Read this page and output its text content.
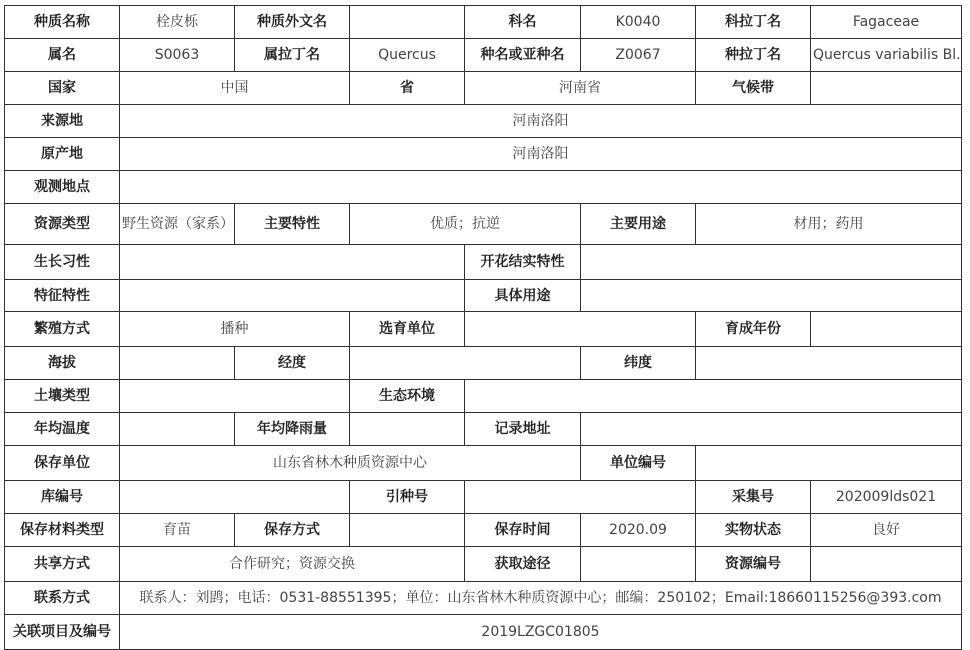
种质名称	栓皮栎	种质外文名		科名	K0040	科拉丁名	Fagaceae
属名	S0063	属拉丁名	Quercus	种名或亚种名	Z0067	种拉丁名	Quercus variabilis Bl.
国家	中国		省	河南省		气候带	
来源地	河南洛阳						
原产地	河南洛阳						
观测地点							
资源类型	野生资源（家系）	主要特性	优质；抗逆		主要用途	材用；药用	
生长习性				开花结实特性			
特征特性				具体用途			
繁殖方式	播种		选育单位			育成年份	
海拔		经度			纬度		
土壤类型			生态环境				
年均温度		年均降雨量		记录地址			
保存单位	山东省林木种质资源中心				单位编号		
库编号			引种号			采集号	202009lds021
保存材料类型	育苗	保存方式		保存时间	2020.09	实物状态	良好
共享方式	合作研究；资源交换			获取途径		资源编号	
联系方式	联系人：刘鹍；电话：0531-88551395；单位：山东省林木种质资源中心；邮编：250102；Email:18660115256@393.com						
关联项目及编号	2019LZGC01805						
